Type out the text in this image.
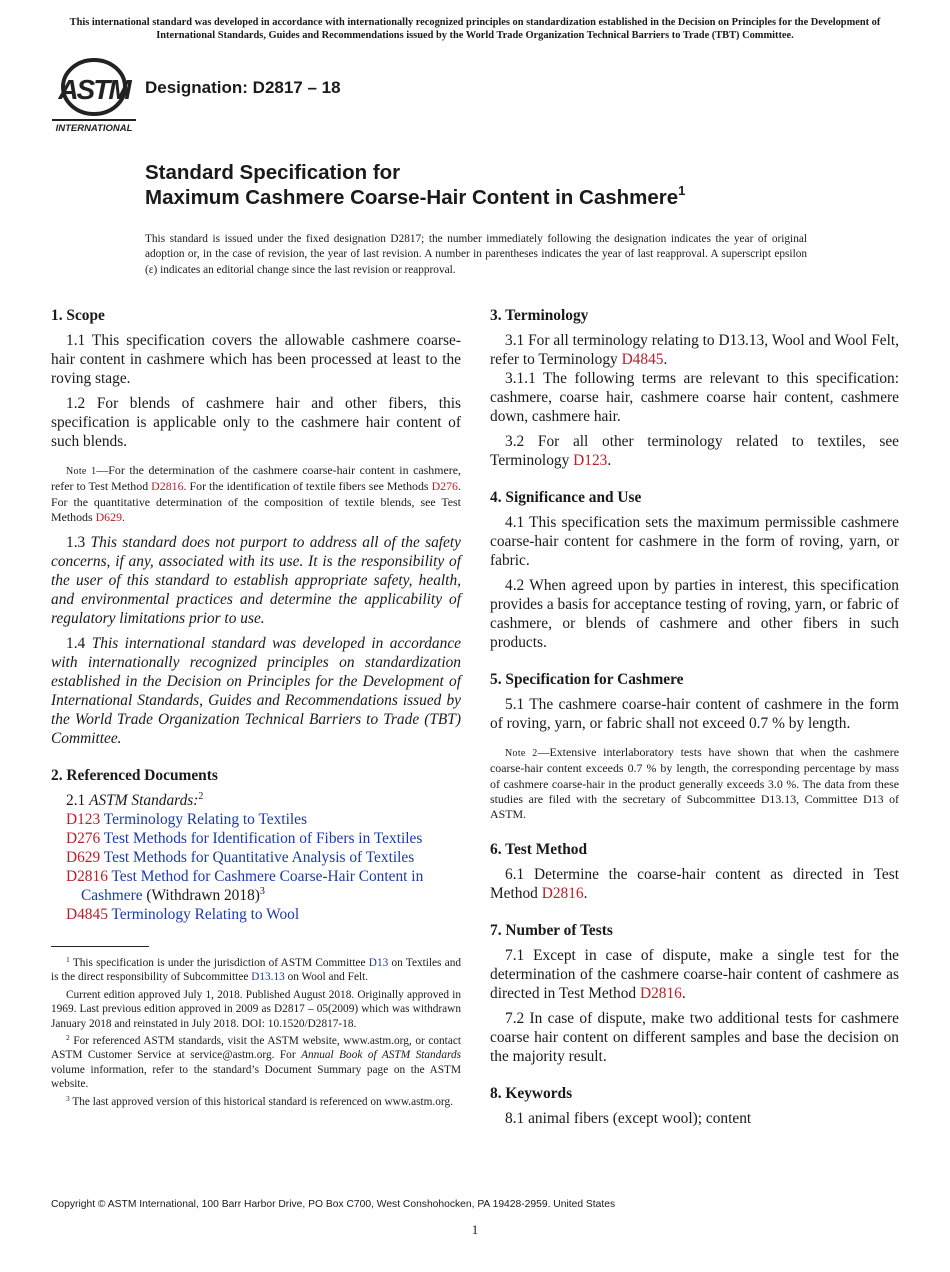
This international standard was developed in accordance with internationally recognized principles on standardization established in the Decision on Principles for the Development of International Standards, Guides and Recommendations issued by the World Trade Organization Technical Barriers to Trade (TBT) Committee.
ASTM
INTERNATIONAL
Designation: D2817 – 18
Standard Specification for
Maximum Cashmere Coarse-Hair Content in Cashmere$^1$
This standard is issued under the fixed designation D2817; the number immediately following the designation indicates the year of original adoption or, in the case of revision, the year of last revision. A number in parentheses indicates the year of last reapproval. A superscript epsilon (ε) indicates an editorial change since the last revision or reapproval.
1. Scope

1.1 This specification covers the allowable cashmere coarse-hair content in cashmere which has been processed at least to the roving stage.

1.2 For blends of cashmere hair and other fibers, this specification is applicable only to the cashmere hair content of such blends.

Note 1—For the determination of the cashmere coarse-hair content in cashmere, refer to Test Method D2816. For the identification of textile fibers see Methods D276. For the quantitative determination of the composition of textile blends, see Test Methods D629.

1.3 This standard does not purport to address all of the safety concerns, if any, associated with its use. It is the responsibility of the user of this standard to establish appropriate safety, health, and environmental practices and determine the applicability of regulatory limitations prior to use.

1.4 This international standard was developed in accordance with internationally recognized principles on standardization established in the Decision on Principles for the Development of International Standards, Guides and Recommendations issued by the World Trade Organization Technical Barriers to Trade (TBT) Committee.

2. Referenced Documents
2.1 ASTM Standards:$^2$
D123 Terminology Relating to Textiles
D276 Test Methods for Identification of Fibers in Textiles
D629 Test Methods for Quantitative Analysis of Textiles
D2816 Test Method for Cashmere Coarse-Hair Content in Cashmere (Withdrawn 2018)$^3$
D4845 Terminology Relating to Wool

$^1$ This specification is under the jurisdiction of ASTM Committee D13 on Textiles and is the direct responsibility of Subcommittee D13.13 on Wool and Felt.

Current edition approved July 1, 2018. Published August 2018. Originally approved in 1969. Last previous edition approved in 2009 as D2817 – 05(2009) which was withdrawn January 2018 and reinstated in July 2018. DOI: 10.1520/D2817-18.

$^2$ For referenced ASTM standards, visit the ASTM website, www.astm.org, or contact ASTM Customer Service at service@astm.org. For Annual Book of ASTM Standards volume information, refer to the standard’s Document Summary page on the ASTM website.

$^3$ The last approved version of this historical standard is referenced on www.astm.org.

3. Terminology

3.1 For all terminology relating to D13.13, Wool and Wool Felt, refer to Terminology D4845.

3.1.1 The following terms are relevant to this specification: cashmere, coarse hair, cashmere coarse hair content, cashmere down, cashmere hair.

3.2 For all other terminology related to textiles, see Terminology D123.

4. Significance and Use

4.1 This specification sets the maximum permissible cashmere coarse-hair content for cashmere in the form of roving, yarn, or fabric.

4.2 When agreed upon by parties in interest, this specification provides a basis for acceptance testing of roving, yarn, or fabric of cashmere, or blends of cashmere and other fibers in such products.

5. Specification for Cashmere

5.1 The cashmere coarse-hair content of cashmere in the form of roving, yarn, or fabric shall not exceed 0.7 % by length.

Note 2—Extensive interlaboratory tests have shown that when the cashmere coarse-hair content exceeds 0.7 % by length, the corresponding percentage by mass of cashmere coarse-hair in the product generally exceeds 3.0 %. The data from these studies are filed with the secretary of Subcommittee D13.13, Committee D13 of ASTM.
6. Test Method

6.1 Determine the coarse-hair content as directed in Test Method D2816.

7. Number of Tests

7.1 Except in case of dispute, make a single test for the determination of the cashmere coarse-hair content of cashmere as directed in Test Method D2816.

7.2 In case of dispute, make two additional tests for cashmere coarse hair content on different samples and base the decision on the majority result.

8. Keywords

8.1 animal fibers (except wool); content

Copyright © ASTM International, 100 Barr Harbor Drive, PO Box C700, West Conshohocken, PA 19428-2959. United States
1
